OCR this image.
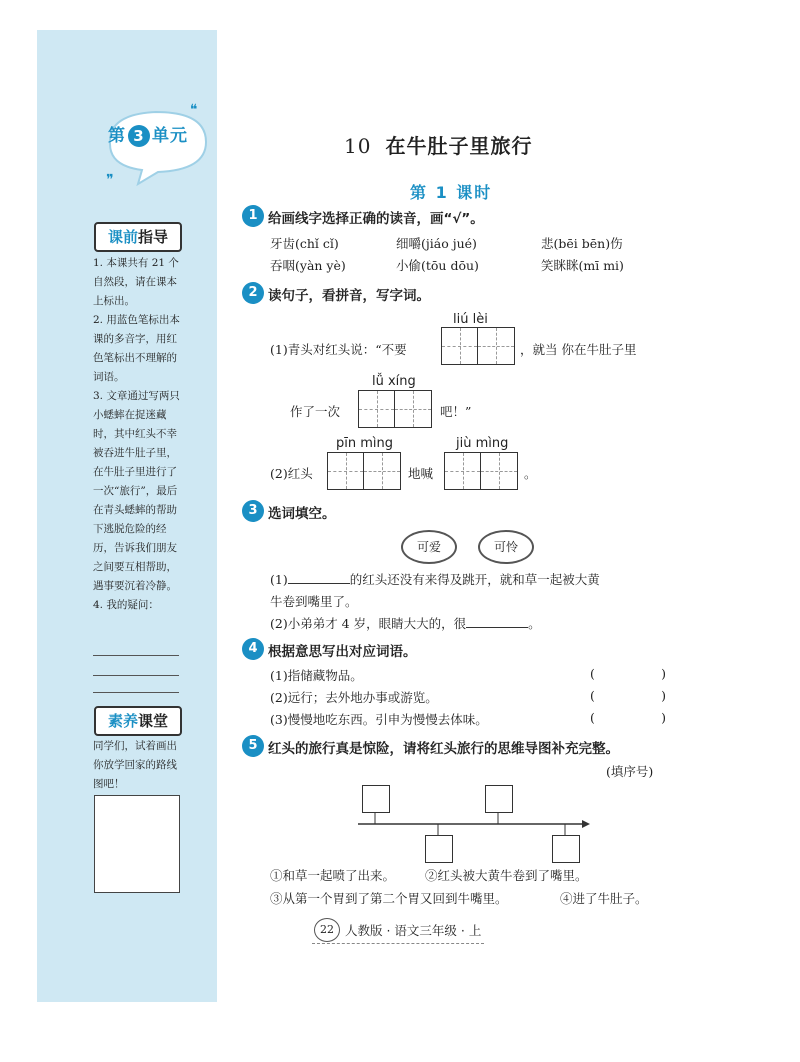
❝
❞
第 3 单元
课前指导

1. 本课共有 21 个自然段，请在课本上标出。

2. 用蓝色笔标出本课的多音字，用红色笔标出不理解的词语。

3. 文章通过写两只小蟋蟀在捉迷藏时，其中红头不幸被吞进牛肚子里，在牛肚子里进行了一次“旅行”，最后在青头蟋蟀的帮助下逃脱危险的经历，告诉我们朋友之间要互相帮助，遇事要沉着冷静。

4. 我的疑问：

素养课堂
同学们，试着画出你放学回家的路线图吧！
10 在牛肚子里旅行
第 1 课时
1 给画线字选择正确的读音，画“√”。
牙齿(chǐ cǐ)	细嚼(jiáo jué)	悲(bēi bēn)伤
吞咽(yàn yè)	小偷(tōu dōu)	笑眯眯(mī mi)
2 读句子，看拼音，写字词。
liú lèi
(1)青头对红头说：“不要	，就当 你在牛肚子里
lǚ xíng
作了一次	吧！”
pīn mìng	jiù mìng
(2)红头	地喊	。
3 选词填空。
可爱	可怜
(1)	的红头还没有来得及跳开，就和草一起被大黄
牛卷到嘴里了。
(2)小弟弟才 4 岁，眼睛大大的，很	。
4 根据意思写出对应词语。
(1)指储藏物品。	(	)
(2)远行；去外地办事或游览。	(	)
(3)慢慢地吃东西。引申为慢慢去体味。	(	)
5 红头的旅行真是惊险，请将红头旅行的思维导图补充完整。
(填序号)
①和草一起喷了出来。 ②红头被大黄牛卷到了嘴里。
③从第一个胃到了第二个胃又回到牛嘴里。	④进了牛肚子。
22 人教版 · 语文三年级 · 上
